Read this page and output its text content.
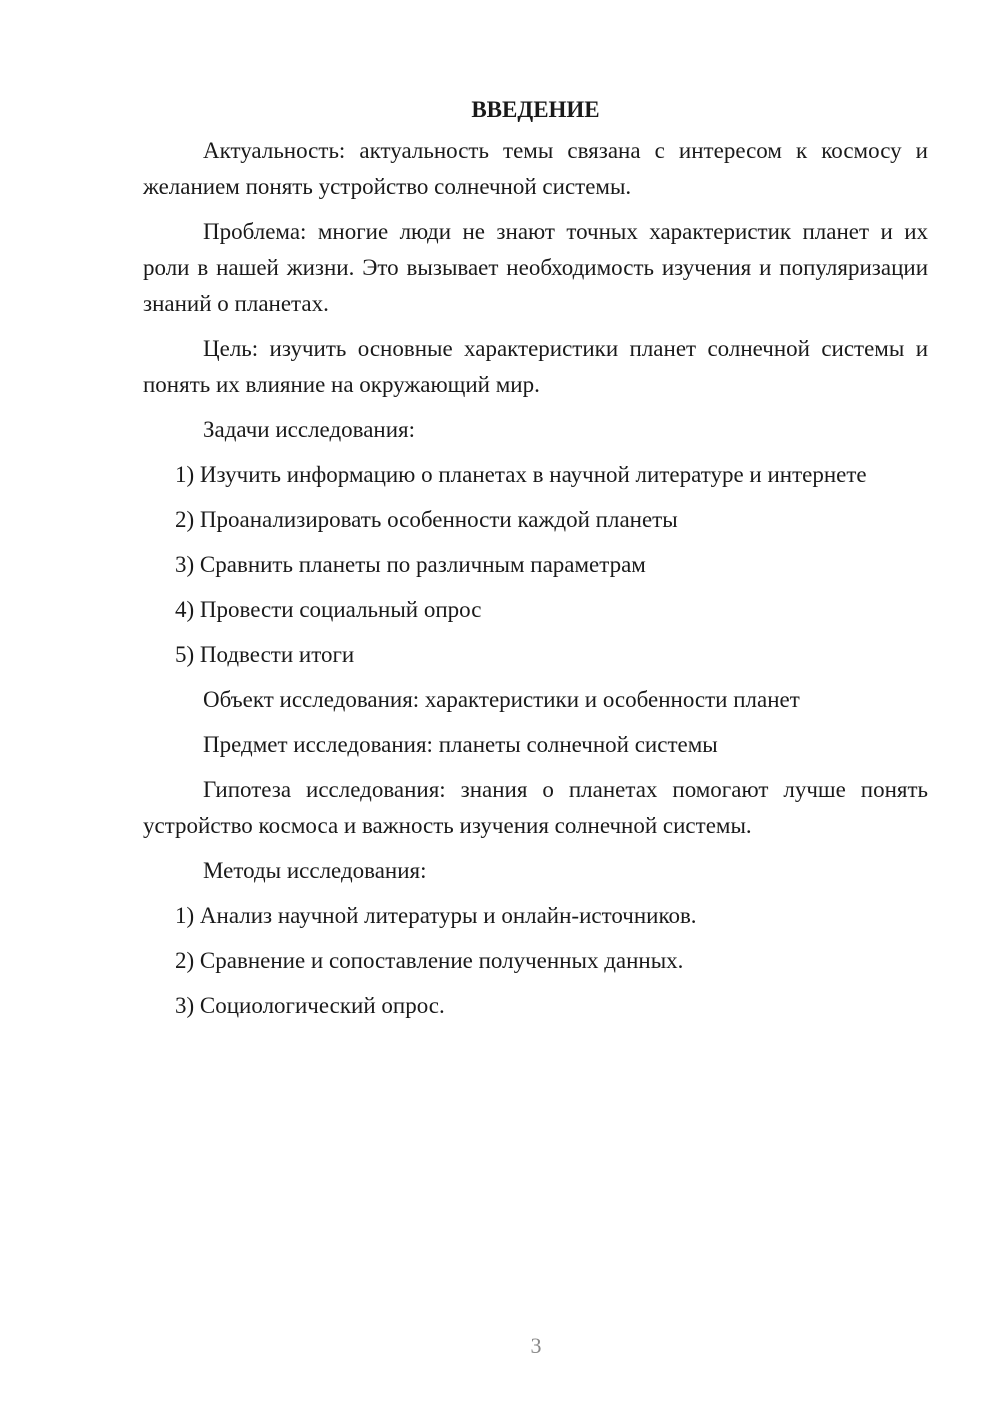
ВВЕДЕНИЕ

Актуальность: актуальность темы связана с интересом к космосу и желанием понять устройство солнечной системы.

Проблема: многие люди не знают точных характеристик планет и их роли в нашей жизни. Это вызывает необходимость изучения и популяризации знаний о планетах.

Цель: изучить основные характеристики планет солнечной системы и понять их влияние на окружающий мир.

Задачи исследования:

1) Изучить информацию о планетах в научной литературе и интернете

2) Проанализировать особенности каждой планеты

3) Сравнить планеты по различным параметрам

4) Провести социальный опрос

5) Подвести итоги

Объект исследования: характеристики и особенности планет

Предмет исследования: планеты солнечной системы

Гипотеза исследования: знания о планетах помогают лучше понять устройство космоса и важность изучения солнечной системы.

Методы исследования:

1) Анализ научной литературы и онлайн-источников.

2) Сравнение и сопоставление полученных данных.

3) Социологический опрос.

3
